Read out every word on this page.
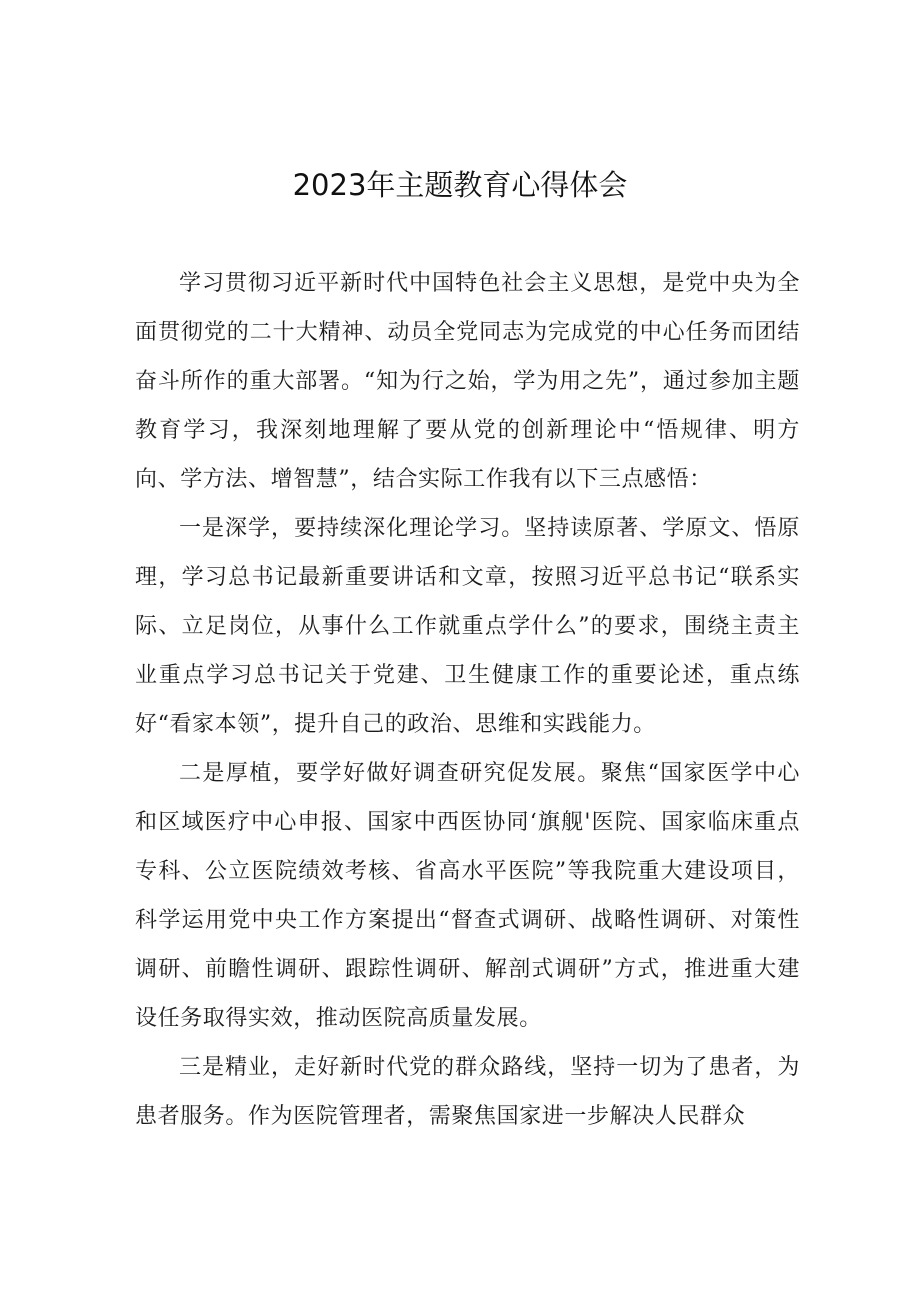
2023年主题教育心得体会

学习贯彻习近平新时代中国特色社会主义思想，是党中央为全面贯彻党的二十大精神、动员全党同志为完成党的中心任务而团结奋斗所作的重大部署。“知为行之始，学为用之先”，通过参加主题教育学习，我深刻地理解了要从党的创新理论中“悟规律、明方向、学方法、增智慧”，结合实际工作我有以下三点感悟：

一是深学，要持续深化理论学习。坚持读原著、学原文、悟原理，学习总书记最新重要讲话和文章，按照习近平总书记“联系实际、立足岗位，从事什么工作就重点学什么”的要求，围绕主责主业重点学习总书记关于党建、卫生健康工作的重要论述，重点练好“看家本领”，提升自己的政治、思维和实践能力。

二是厚植，要学好做好调查研究促发展。聚焦“国家医学中心和区域医疗中心申报、国家中西医协同‘旗舰'医院、国家临床重点专科、公立医院绩效考核、省高水平医院”等我院重大建设项目，科学运用党中央工作方案提出“督查式调研、战略性调研、对策性调研、前瞻性调研、跟踪性调研、解剖式调研”方式，推进重大建设任务取得实效，推动医院高质量发展。

三是精业，走好新时代党的群众路线，坚持一切为了患者，为患者服务。作为医院管理者，需聚焦国家进一步解决人民群众
